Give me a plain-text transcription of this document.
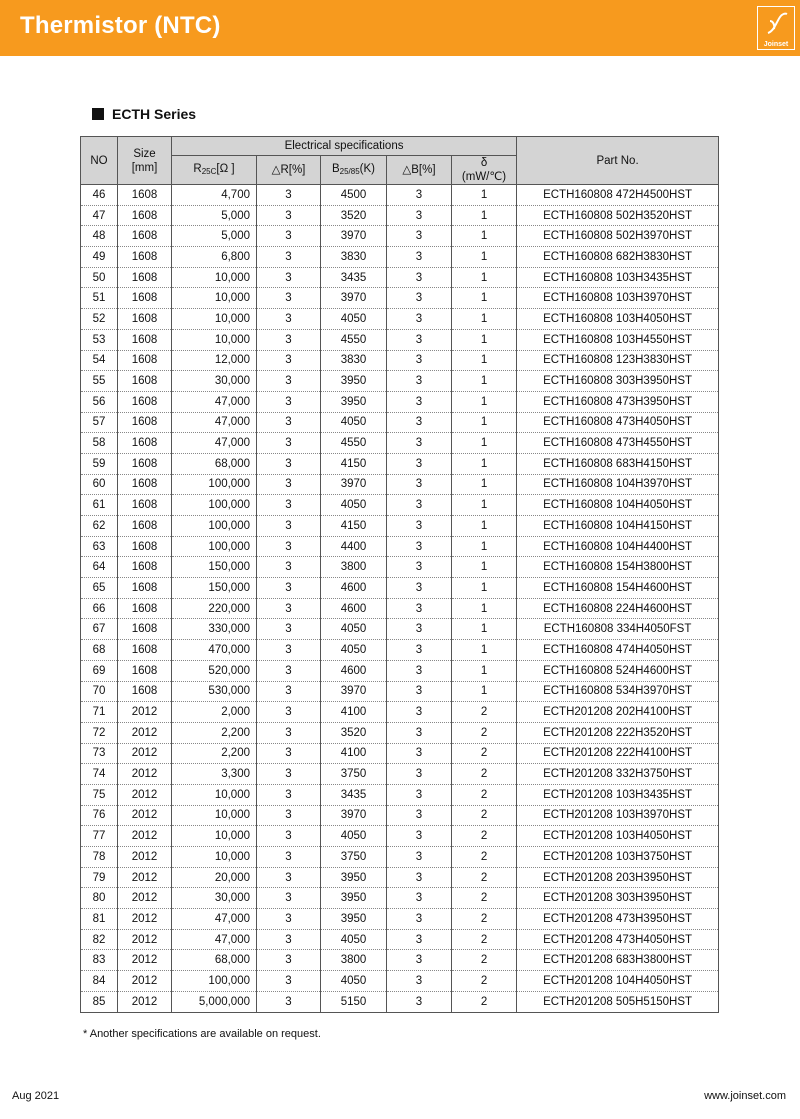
Thermistor (NTC)
Joinset
ECTH Series
NO	Size
[mm]	Electrical specifications					Part No.
		$R_{25C}[\Omega$ ]	△R[%]	$B_{25/85}(K)$	△B[%]	δ
(mW/℃)	

46	1608	4,700	3	4500	3	1	ECTH160808 472H4500HST
47	1608	5,000	3	3520	3	1	ECTH160808 502H3520HST
48	1608	5,000	3	3970	3	1	ECTH160808 502H3970HST
49	1608	6,800	3	3830	3	1	ECTH160808 682H3830HST
50	1608	10,000	3	3435	3	1	ECTH160808 103H3435HST
51	1608	10,000	3	3970	3	1	ECTH160808 103H3970HST
52	1608	10,000	3	4050	3	1	ECTH160808 103H4050HST
53	1608	10,000	3	4550	3	1	ECTH160808 103H4550HST
54	1608	12,000	3	3830	3	1	ECTH160808 123H3830HST
55	1608	30,000	3	3950	3	1	ECTH160808 303H3950HST
56	1608	47,000	3	3950	3	1	ECTH160808 473H3950HST
57	1608	47,000	3	4050	3	1	ECTH160808 473H4050HST
58	1608	47,000	3	4550	3	1	ECTH160808 473H4550HST
59	1608	68,000	3	4150	3	1	ECTH160808 683H4150HST
60	1608	100,000	3	3970	3	1	ECTH160808 104H3970HST
61	1608	100,000	3	4050	3	1	ECTH160808 104H4050HST
62	1608	100,000	3	4150	3	1	ECTH160808 104H4150HST
63	1608	100,000	3	4400	3	1	ECTH160808 104H4400HST
64	1608	150,000	3	3800	3	1	ECTH160808 154H3800HST
65	1608	150,000	3	4600	3	1	ECTH160808 154H4600HST
66	1608	220,000	3	4600	3	1	ECTH160808 224H4600HST
67	1608	330,000	3	4050	3	1	ECTH160808 334H4050FST
68	1608	470,000	3	4050	3	1	ECTH160808 474H4050HST
69	1608	520,000	3	4600	3	1	ECTH160808 524H4600HST
70	1608	530,000	3	3970	3	1	ECTH160808 534H3970HST
71	2012	2,000	3	4100	3	2	ECTH201208 202H4100HST
72	2012	2,200	3	3520	3	2	ECTH201208 222H3520HST
73	2012	2,200	3	4100	3	2	ECTH201208 222H4100HST
74	2012	3,300	3	3750	3	2	ECTH201208 332H3750HST
75	2012	10,000	3	3435	3	2	ECTH201208 103H3435HST
76	2012	10,000	3	3970	3	2	ECTH201208 103H3970HST
77	2012	10,000	3	4050	3	2	ECTH201208 103H4050HST
78	2012	10,000	3	3750	3	2	ECTH201208 103H3750HST
79	2012	20,000	3	3950	3	2	ECTH201208 203H3950HST
80	2012	30,000	3	3950	3	2	ECTH201208 303H3950HST
81	2012	47,000	3	3950	3	2	ECTH201208 473H3950HST
82	2012	47,000	3	4050	3	2	ECTH201208 473H4050HST
83	2012	68,000	3	3800	3	2	ECTH201208 683H3800HST
84	2012	100,000	3	4050	3	2	ECTH201208 104H4050HST
85	2012	5,000,000	3	5150	3	2	ECTH201208 505H5150HST
* Another specifications are available on request.
Aug 2021	www.joinset.com
